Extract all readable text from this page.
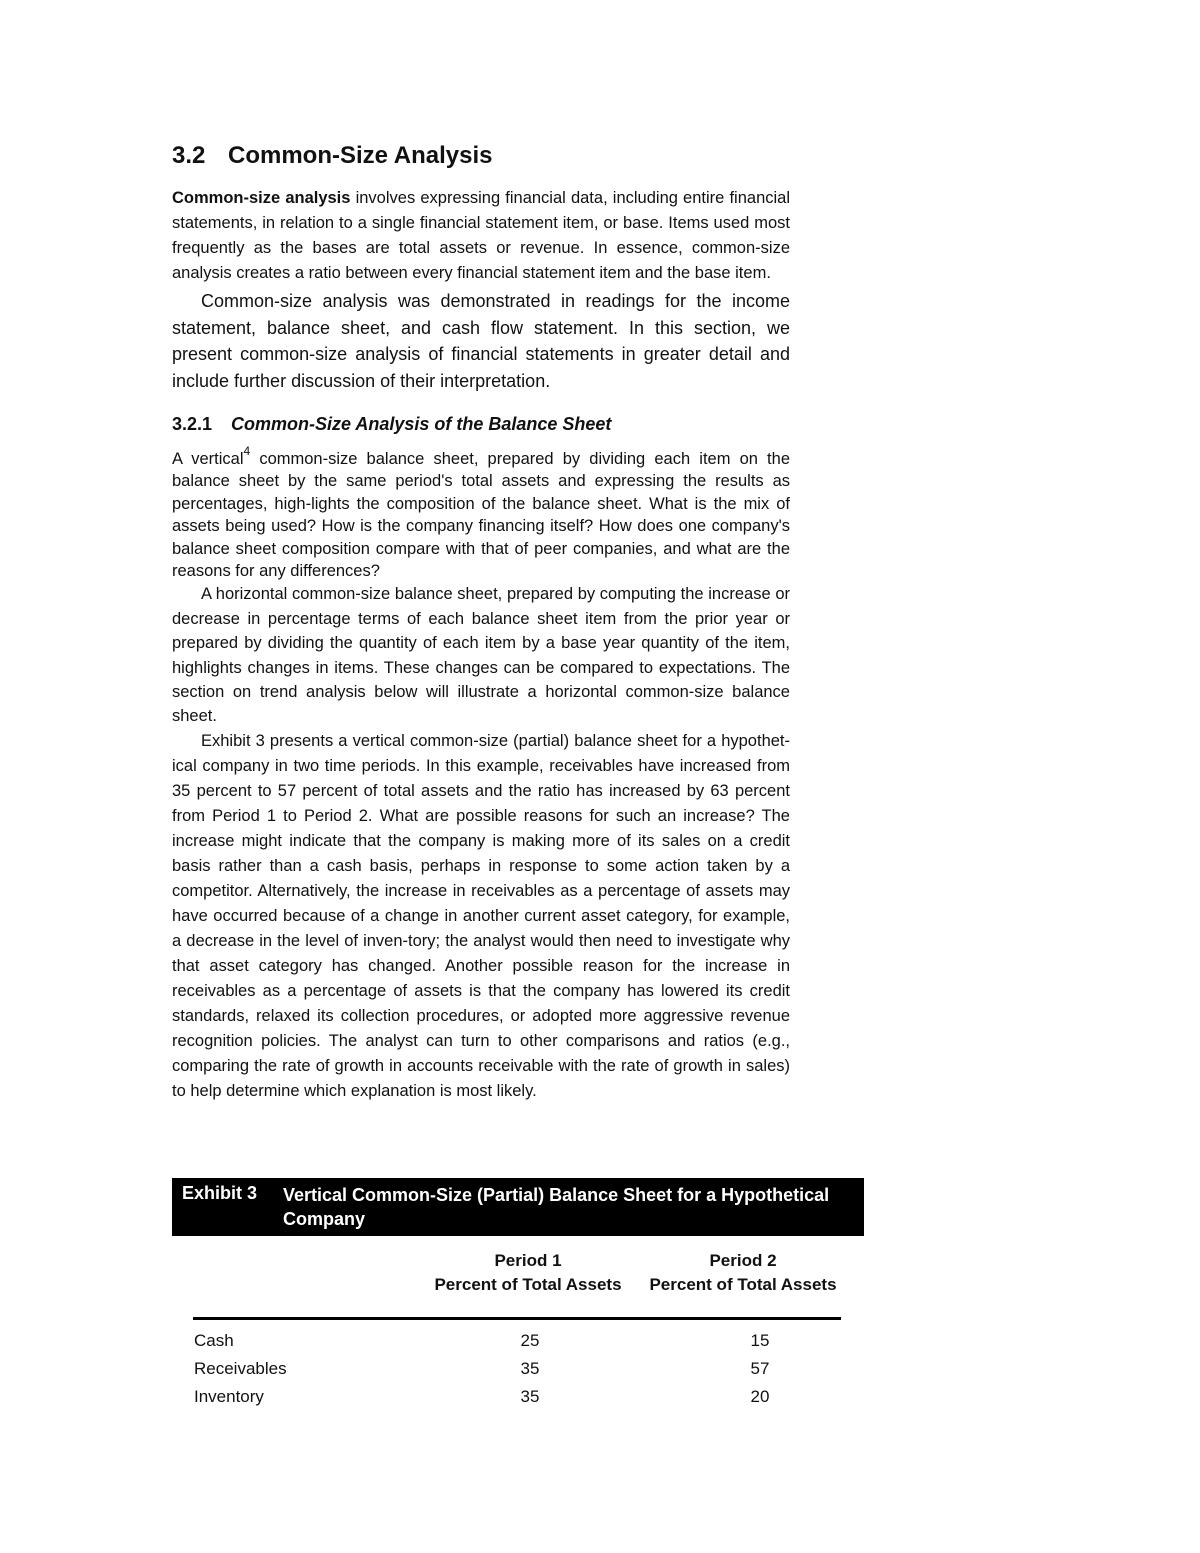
3.2 Common-Size Analysis

Common-size analysis involves expressing financial data, including entire financial statements, in relation to a single financial statement item, or base. Items used most frequently as the bases are total assets or revenue. In essence, common-size analysis creates a ratio between every financial statement item and the base item.

Common-size analysis was demonstrated in readings for the income statement, balance sheet, and cash flow statement. In this section, we present common-size analysis of financial statements in greater detail and include further discussion of their interpretation.

3.2.1 Common-Size Analysis of the Balance Sheet

A vertical$^4$ common-size balance sheet, prepared by dividing each item on the balance sheet by the same period's total assets and expressing the results as percentages, high-lights the composition of the balance sheet. What is the mix of assets being used? How is the company financing itself? How does one company's balance sheet composition compare with that of peer companies, and what are the reasons for any differences?

A horizontal common-size balance sheet, prepared by computing the increase or decrease in percentage terms of each balance sheet item from the prior year or prepared by dividing the quantity of each item by a base year quantity of the item, highlights changes in items. These changes can be compared to expectations. The section on trend analysis below will illustrate a horizontal common-size balance sheet.

Exhibit 3 presents a vertical common-size (partial) balance sheet for a hypothet-ical company in two time periods. In this example, receivables have increased from 35 percent to 57 percent of total assets and the ratio has increased by 63 percent from Period 1 to Period 2. What are possible reasons for such an increase? The increase might indicate that the company is making more of its sales on a credit basis rather than a cash basis, perhaps in response to some action taken by a competitor. Alternatively, the increase in receivables as a percentage of assets may have occurred because of a change in another current asset category, for example, a decrease in the level of inven-tory; the analyst would then need to investigate why that asset category has changed. Another possible reason for the increase in receivables as a percentage of assets is that the company has lowered its credit standards, relaxed its collection procedures, or adopted more aggressive revenue recognition policies. The analyst can turn to other comparisons and ratios (e.g., comparing the rate of growth in accounts receivable with the rate of growth in sales) to help determine which explanation is most likely.

Exhibit 3 Vertical Common-Size (Partial) Balance Sheet for a Hypothetical Company
Period 1
Percent of Total Assets
Period 2
Percent of Total Assets
Cash	25	15
Receivables	35	57
Inventory	35	20
